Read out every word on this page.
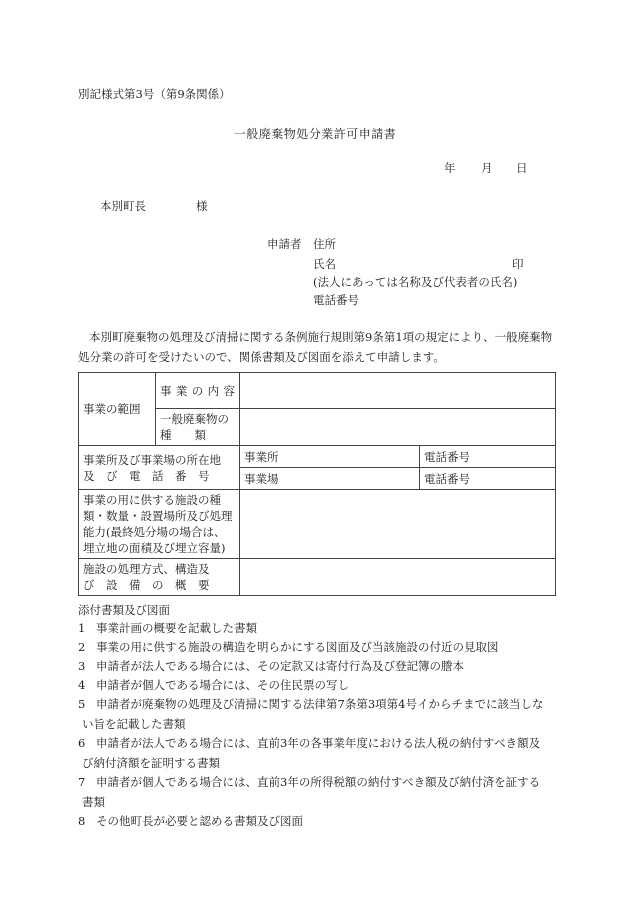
別記様式第3号（第9条関係）
一般廃棄物処分業許可申請書
年 月 日
本別町長	様
申請者 住所
氏名	印
(法人にあっては名称及び代表者の氏名)
電話番号
本別町廃棄物の処理及び清掃に関する条例施行規則第9条第1項の規定により、一般廃棄物処分業の許可を受けたいので、関係書類及び図面を添えて申請します。
事業の範囲	事 業 の 内 容		

	一般廃棄物の
種　　類		

事業所及び事業場の所在地
及　び　電　話　番　号		事業所	電話番号
		事業場	電話番号
事業の用に供する施設の種類・数量・設置場所及び処理能力(最終処分場の場合は、埋立地の面積及び埋立容量)			

施設の処理方式、構造及
び　設　備　の　概　要			

添付書類及び図面
1 事業計画の概要を記載した書類
2 事業の用に供する施設の構造を明らかにする図面及び当該施設の付近の見取図
3 申請者が法人である場合には、その定款又は寄付行為及び登記簿の謄本
4 申請者が個人である場合には、その住民票の写し
5 申請者が廃棄物の処理及び清掃に関する法律第7条第3項第4号イからチまでに該当しな
い旨を記載した書類
6 申請者が法人である場合には、直前3年の各事業年度における法人税の納付すべき額及
び納付済額を証明する書類
7 申請者が個人である場合には、直前3年の所得税額の納付すべき額及び納付済を証する
書類
8 その他町長が必要と認める書類及び図面
